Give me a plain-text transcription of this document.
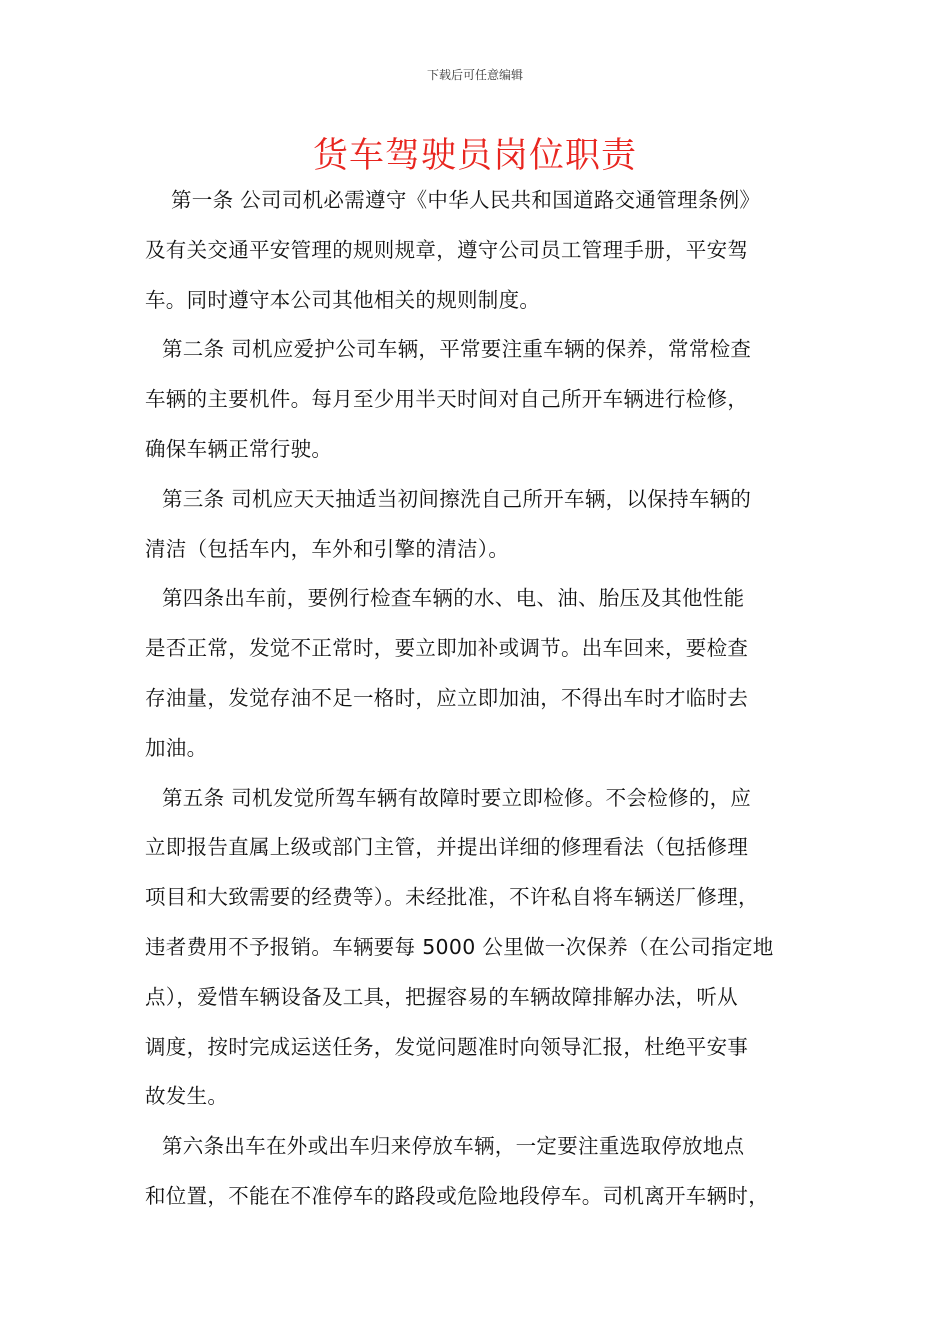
下载后可任意编辑
货车驾驶员岗位职责
第一条 公司司机必需遵守《中华人民共和国道路交通管理条例》
及有关交通平安管理的规则规章，遵守公司员工管理手册，平安驾
车。同时遵守本公司其他相关的规则制度。
第二条 司机应爱护公司车辆，平常要注重车辆的保养，常常检查
车辆的主要机件。每月至少用半天时间对自己所开车辆进行检修，
确保车辆正常行驶。
第三条 司机应天天抽适当初间擦洗自己所开车辆，以保持车辆的
清洁（包括车内，车外和引擎的清洁）。
第四条出车前，要例行检查车辆的水、电、油、胎压及其他性能
是否正常，发觉不正常时，要立即加补或调节。出车回来，要检查
存油量，发觉存油不足一格时，应立即加油，不得出车时才临时去
加油。
第五条 司机发觉所驾车辆有故障时要立即检修。不会检修的，应
立即报告直属上级或部门主管，并提出详细的修理看法（包括修理
项目和大致需要的经费等）。未经批准，不许私自将车辆送厂修理，
违者费用不予报销。车辆要每 5000 公里做一次保养（在公司指定地
点），爱惜车辆设备及工具，把握容易的车辆故障排解办法，听从
调度，按时完成运送任务，发觉问题准时向领导汇报，杜绝平安事
故发生。
第六条出车在外或出车归来停放车辆，一定要注重选取停放地点
和位置，不能在不准停车的路段或危险地段停车。司机离开车辆时，
